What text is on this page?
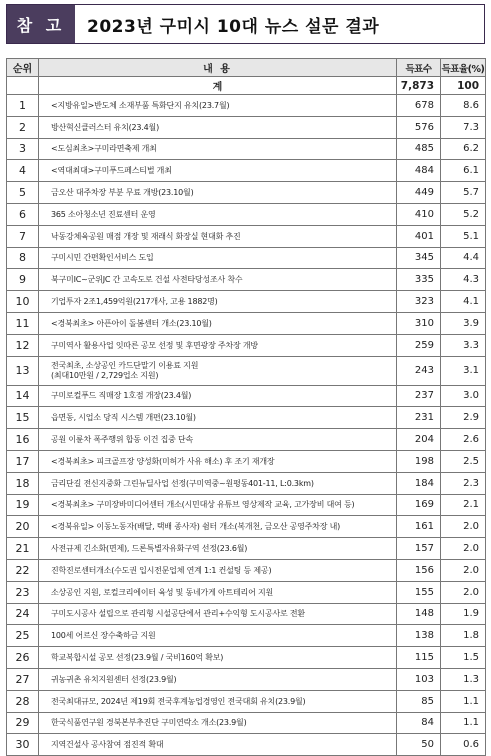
참 고	2023년 구미시 10대 뉴스 설문 결과
순위	내 용	득표수	득표율(%)
	계	7,873	100
1	<지방유일>반도체 소재부품 특화단지 유치(23.7월)	678	8.6
2	방산혁신클러스터 유치(23.4월)	576	7.3
3	<도심최초>구미라면축제 개최	485	6.2
4	<역대최대>구미푸드페스티벌 개최	484	6.1
5	금오산 대주차장 부분 무료 개방(23.10월)	449	5.7
6	365 소아청소년 진료센터 운영	410	5.2
7	낙동강체육공원 매점 개장 및 재래식 화장실 현대화 추진	401	5.1
8	구미시민 간편확인서비스 도입	345	4.4
9	북구미IC~군위JC 간 고속도로 건설 사전타당성조사 착수	335	4.3
10	기업투자 2조1,459억원(217개사, 고용 1882명)	323	4.1
11	<경북최초> 아픈아이 돌봄센터 개소(23.10월)	310	3.9
12	구미역사 활용사업 잇따른 공모 선정 및 후면광장 주차장 개방	259	3.3
13	전국최초, 소상공인 카드단말기 이용료 지원
(최대10만원 / 2,729업소 지원)	243	3.1
14	구미로컬푸드 직매장 1호점 개장(23.4월)	237	3.0
15	읍면동, 시업소 당직 시스템 개편(23.10월)	231	2.9
16	공원 이륜차 폭주행위 합동 이건 집중 단속	204	2.6
17	<경북최초> 피크골프장 양성화(미허가 사유 해소) 후 조기 재개장	198	2.5
18	금리단길 전신지중화 그린뉴딜사업 선정(구미역중~원평동401-11, L:0.3km)	184	2.3
19	<경북최초> 구미장바미디어센터 개소(시민대상 유튜브 영상제작 교육, 고가장비 대여 등)	169	2.1
20	<경북유일> 이동노동자(배달, 택배 종사자) 쉼터 개소(복개천, 금오산 공영주차장 내)	161	2.0
21	사전규제 긴소화(면제), 드론특별자유화구역 선정(23.6월)	157	2.0
22	진학진로센터개소(수도권 입시전문업체 연계 1:1 컨설팅 등 제공)	156	2.0
23	소상공인 지원, 로컬크리에이터 육성 및 동네가게 아트테리어 지원	155	2.0
24	구미도시공사 설립으로 관리형 시설공단에서 관리+수익형 도시공사로 전환	148	1.9
25	100세 어르신 장수축하금 지원	138	1.8
26	학교복합시설 공모 선정(23.9월 / 국비160억 확보)	115	1.5
27	귀농귀촌 유치지원센터 선정(23.9월)	103	1.3
28	전국최대규모, 2024년 제19회 전국후계농업경영인 전국대회 유치(23.9월)	85	1.1
29	한국식품연구원 경북본부추진단 구미연락소 개소(23.9월)	84	1.1
30	지역건설사 공사참여 점진적 확대	50	0.6
